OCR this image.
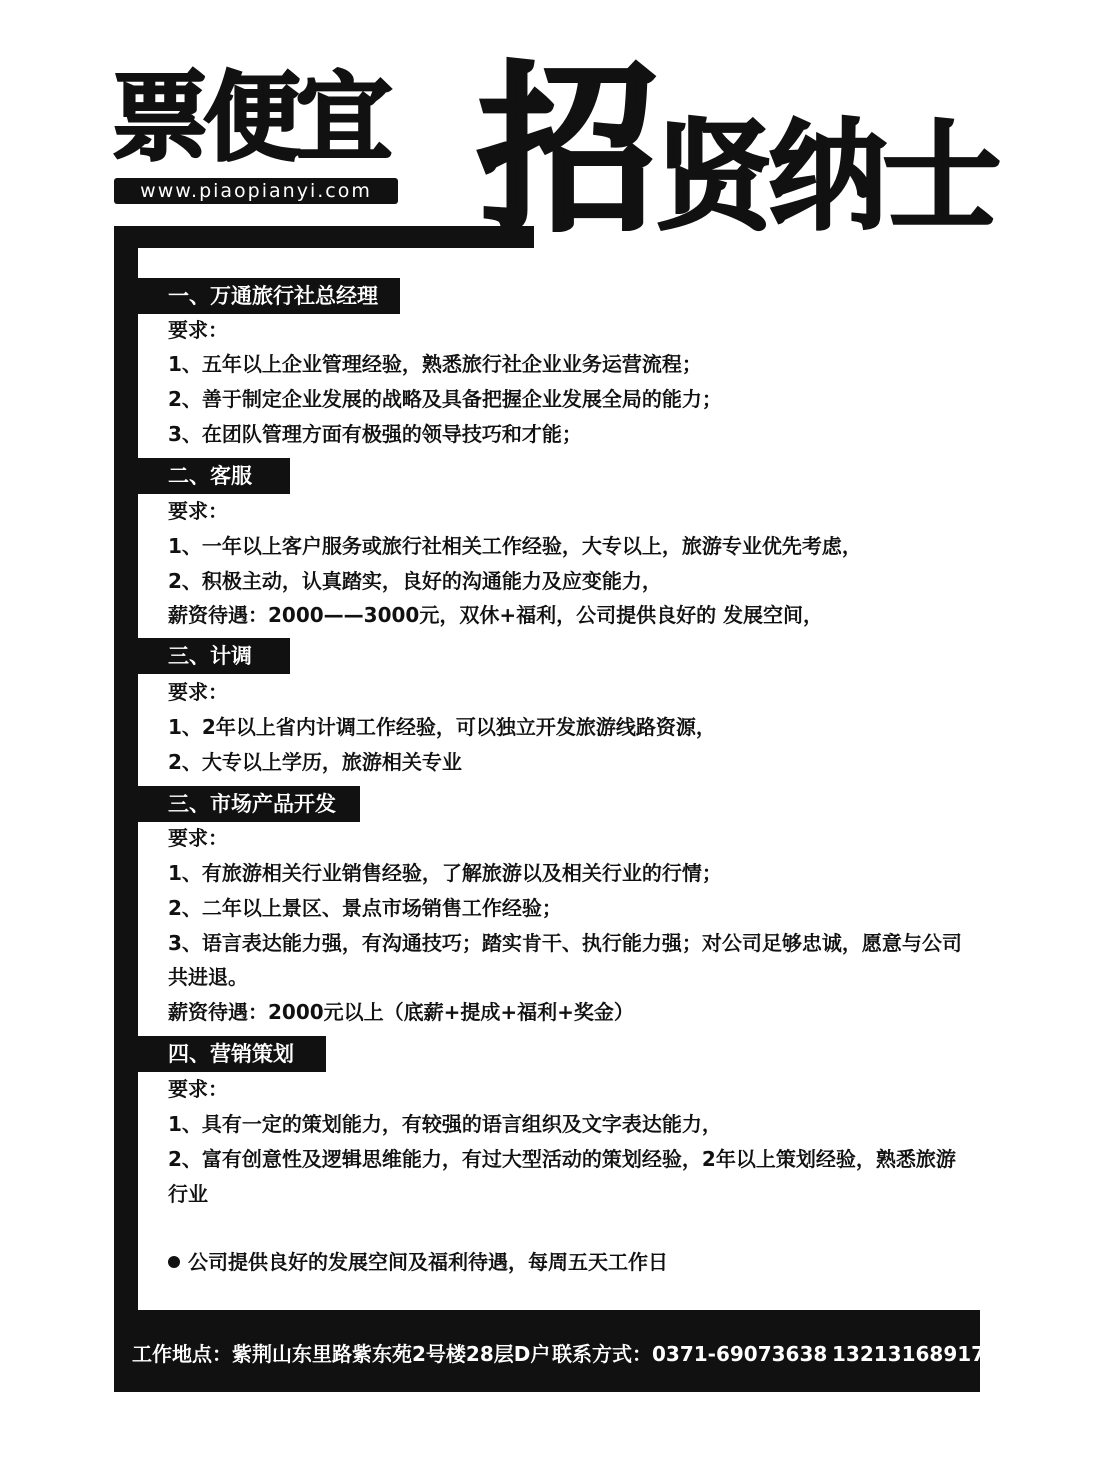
票便宜
www.piaopianyi.com 招
贤纳士
一、万通旅行社总经理
要求：
1、五年以上企业管理经验，熟悉旅行社企业业务运营流程；
2、善于制定企业发展的战略及具备把握企业发展全局的能力；
3、在团队管理方面有极强的领导技巧和才能；
二、客服
要求：
1、一年以上客户服务或旅行社相关工作经验，大专以上，旅游专业优先考虑，
2、积极主动，认真踏实，良好的沟通能力及应变能力，
薪资待遇：2000——3000元，双休+福利，公司提供良好的 发展空间，
三、计调
要求：
1、2年以上省内计调工作经验，可以独立开发旅游线路资源，
2、大专以上学历，旅游相关专业
三、市场产品开发
要求：
1、有旅游相关行业销售经验，了解旅游以及相关行业的行情；
2、二年以上景区、景点市场销售工作经验；
3、语言表达能力强，有沟通技巧；踏实肯干、执行能力强；对公司足够忠诚，愿意与公司
共进退。
薪资待遇：2000元以上（底薪+提成+福利+奖金）
四、营销策划
要求：
1、具有一定的策划能力，有较强的语言组织及文字表达能力，
2、富有创意性及逻辑思维能力，有过大型活动的策划经验，2年以上策划经验，熟悉旅游
行业
公司提供良好的发展空间及福利待遇，每周五天工作日
工作地点：紫荆山东里路紫东苑2号楼28层D户 联系方式：0371-69073638 13213168917
